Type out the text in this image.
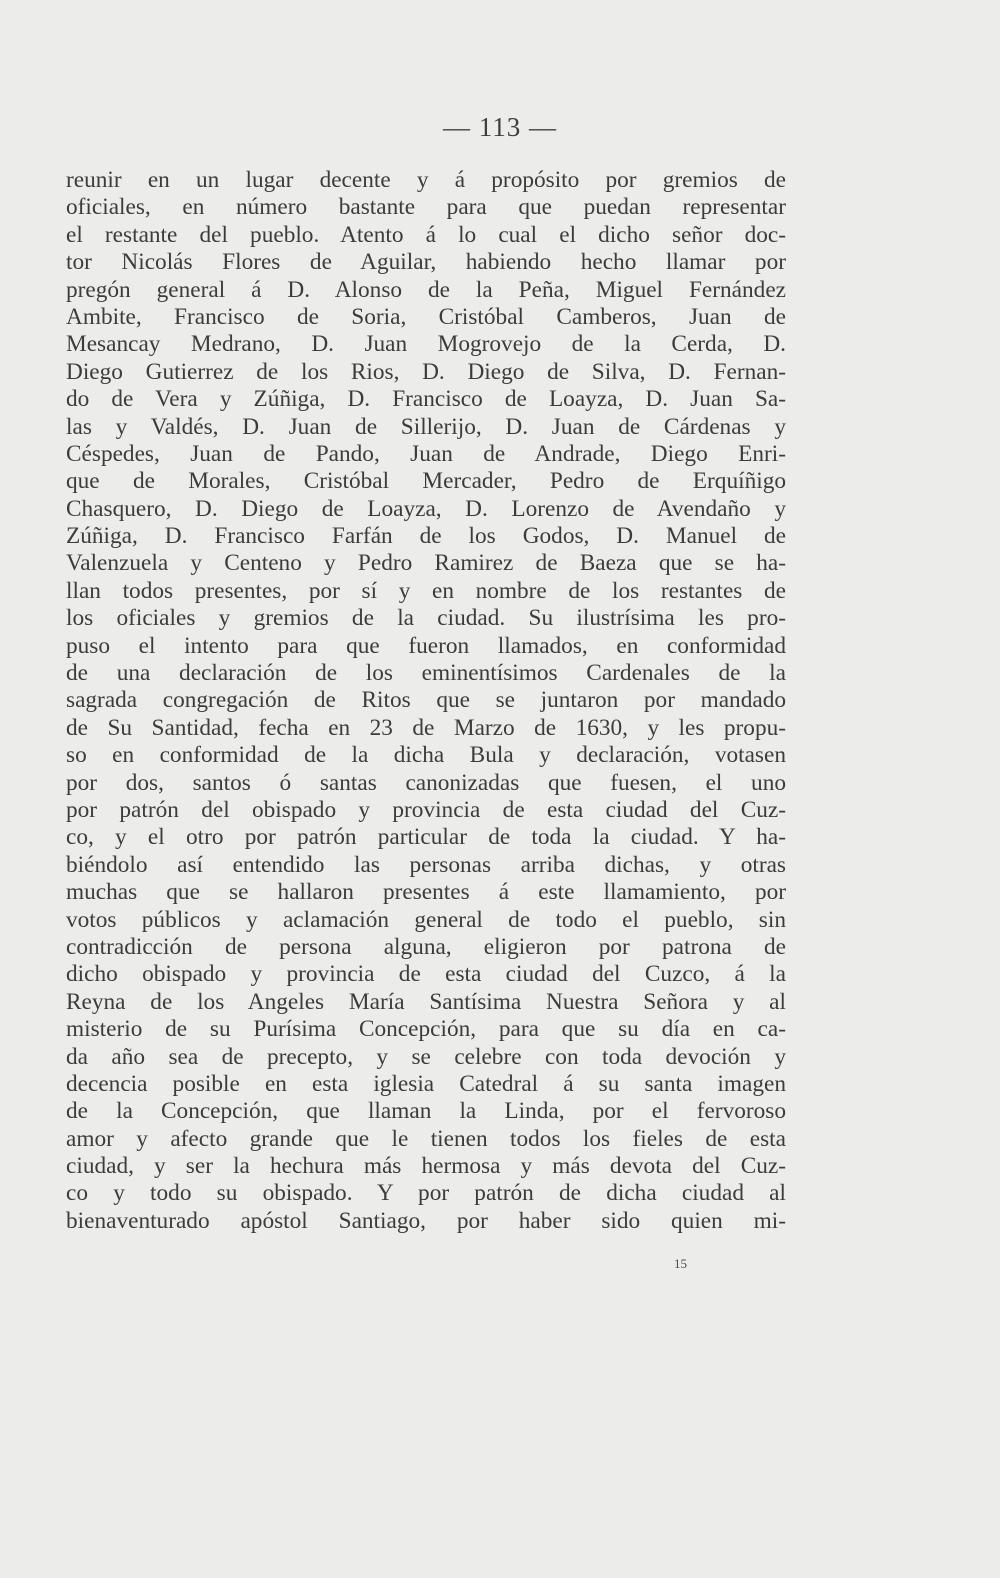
— 113 —
reunir en un lugar decente y á propósito por gremios de
oficiales, en número bastante para que puedan representar
el restante del pueblo. Atento á lo cual el dicho señor doc-
tor Nicolás Flores de Aguilar, habiendo hecho llamar por
pregón general á D. Alonso de la Peña, Miguel Fernández
Ambite, Francisco de Soria, Cristóbal Camberos, Juan de
Mesancay Medrano, D. Juan Mogrovejo de la Cerda, D.
Diego Gutierrez de los Rios, D. Diego de Silva, D. Fernan-
do de Vera y Zúñiga, D. Francisco de Loayza, D. Juan Sa-
las y Valdés, D. Juan de Sillerijo, D. Juan de Cárdenas y
Céspedes, Juan de Pando, Juan de Andrade, Diego Enri-
que de Morales, Cristóbal Mercader, Pedro de Erquíñigo
Chasquero, D. Diego de Loayza, D. Lorenzo de Avendaño y
Zúñiga, D. Francisco Farfán de los Godos, D. Manuel de
Valenzuela y Centeno y Pedro Ramirez de Baeza que se ha-
llan todos presentes, por sí y en nombre de los restantes de
los oficiales y gremios de la ciudad. Su ilustrísima les pro-
puso el intento para que fueron llamados, en conformidad
de una declaración de los eminentísimos Cardenales de la
sagrada congregación de Ritos que se juntaron por mandado
de Su Santidad, fecha en 23 de Marzo de 1630, y les propu-
so en conformidad de la dicha Bula y declaración, votasen
por dos, santos ó santas canonizadas que fuesen, el uno
por patrón del obispado y provincia de esta ciudad del Cuz-
co, y el otro por patrón particular de toda la ciudad. Y ha-
biéndolo así entendido las personas arriba dichas, y otras
muchas que se hallaron presentes á este llamamiento, por
votos públicos y aclamación general de todo el pueblo, sin
contradicción de persona alguna, eligieron por patrona de
dicho obispado y provincia de esta ciudad del Cuzco, á la
Reyna de los Angeles María Santísima Nuestra Señora y al
misterio de su Purísima Concepción, para que su día en ca-
da año sea de precepto, y se celebre con toda devoción y
decencia posible en esta iglesia Catedral á su santa imagen
de la Concepción, que llaman la Linda, por el fervoroso
amor y afecto grande que le tienen todos los fieles de esta
ciudad, y ser la hechura más hermosa y más devota del Cuz-
co y todo su obispado. Y por patrón de dicha ciudad al
bienaventurado apóstol Santiago, por haber sido quien mi-
15
